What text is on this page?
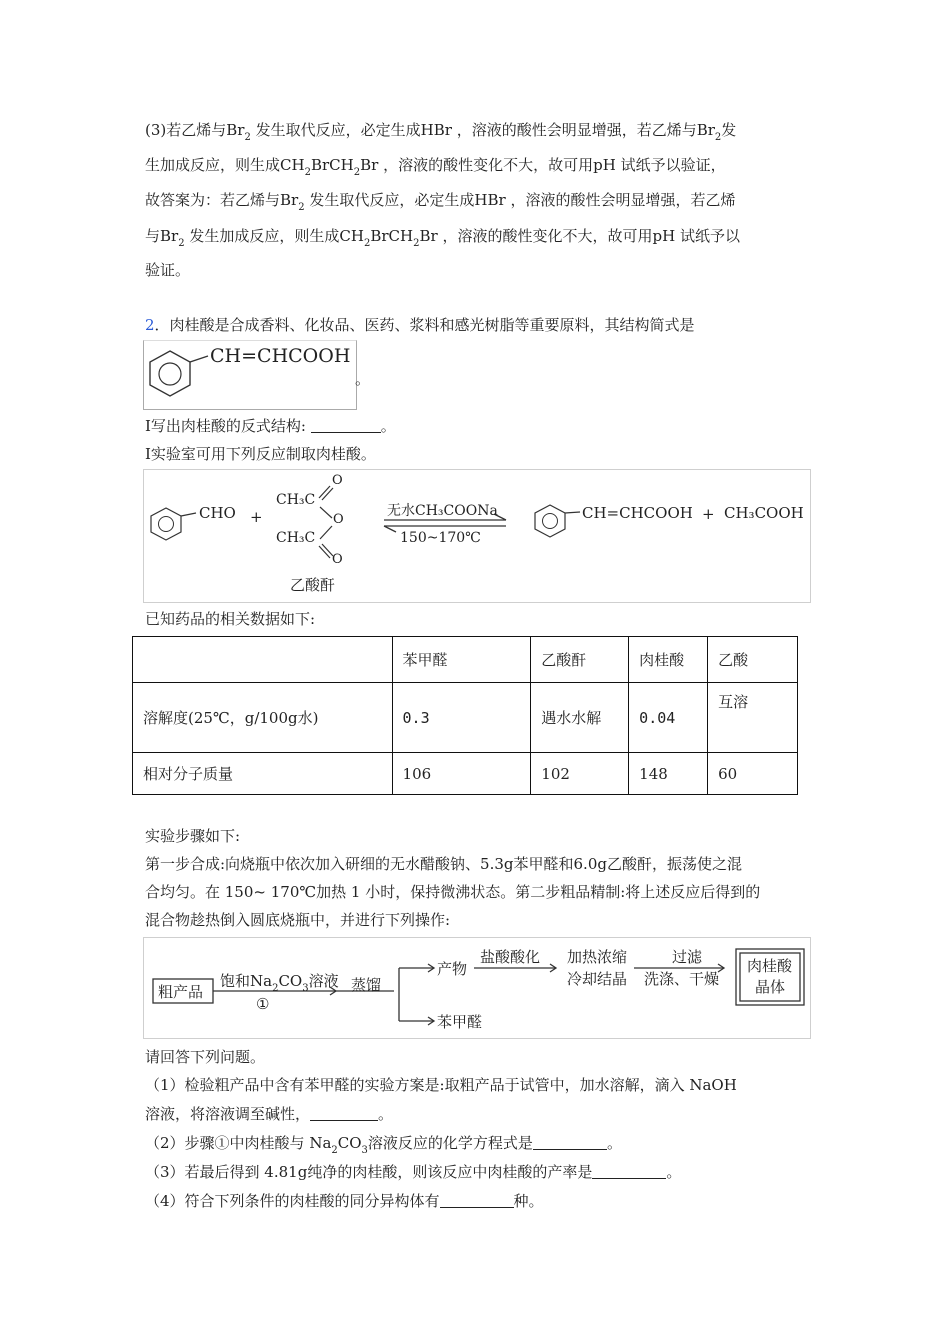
(3)若乙烯与$Br_2$ 发生取代反应，必定生成HBr ，溶液的酸性会明显增强，若乙烯与$Br_2$发
生加成反应，则生成$CH_2BrCH_2Br$ ，溶液的酸性变化不大，故可用pH 试纸予以验证，
故答案为：若乙烯与$Br_2$ 发生取代反应，必定生成HBr ，溶液的酸性会明显增强，若乙烯
与$Br_2$ 发生加成反应，则生成$CH_2BrCH_2Br$ ，溶液的酸性变化不大，故可用pH 试纸予以
验证。
2．肉桂酸是合成香料、化妆品、医药、浆料和感光树脂等重要原料，其结构简式是
CH=CHCOOH
。
I写出肉桂酸的反式结构:	。
I实验室可用下列反应制取肉桂酸。
CHO +
CH₃C
O
O
CH₃C
O
乙酸酐
无水CH₃COONa
150~170℃
CH=CHCOOH + CH₃COOH
已知药品的相关数据如下:
	苯甲醛	乙酸酐	肉桂酸	乙酸
溶解度(25℃，g/100g水)	0.3	遇水水解	0.04	互溶
相对分子质量	106	102	148	60
实验步骤如下:
第一步合成:向烧瓶中依次加入研细的无水醋酸钠、5.3g苯甲醛和6.0g乙酸酐，振荡使之混
合均匀。在 150~ 170℃加热 1 小时，保持微沸状态。第二步粗品精制:将上述反应后得到的
混合物趁热倒入圆底烧瓶中，并进行下列操作:
粗产品
饱和$Na_2CO_3$溶液
①
蒸馏
产物
盐酸酸化 加热浓缩
冷却结晶
过滤
洗涤、干燥
肉桂酸
晶体
苯甲醛
请回答下列问题。
（1）检验粗产品中含有苯甲醛的实验方案是:取粗产品于试管中，加水溶解，滴入 NaOH
溶液，将溶液调至碱性，	。
（2）步骤①中肉桂酸与 $Na_2CO_3$溶液反应的化学方程式是	。
（3）若最后得到 4.81g纯净的肉桂酸，则该反应中肉桂酸的产率是	。
（4）符合下列条件的肉桂酸的同分异构体有	种。
